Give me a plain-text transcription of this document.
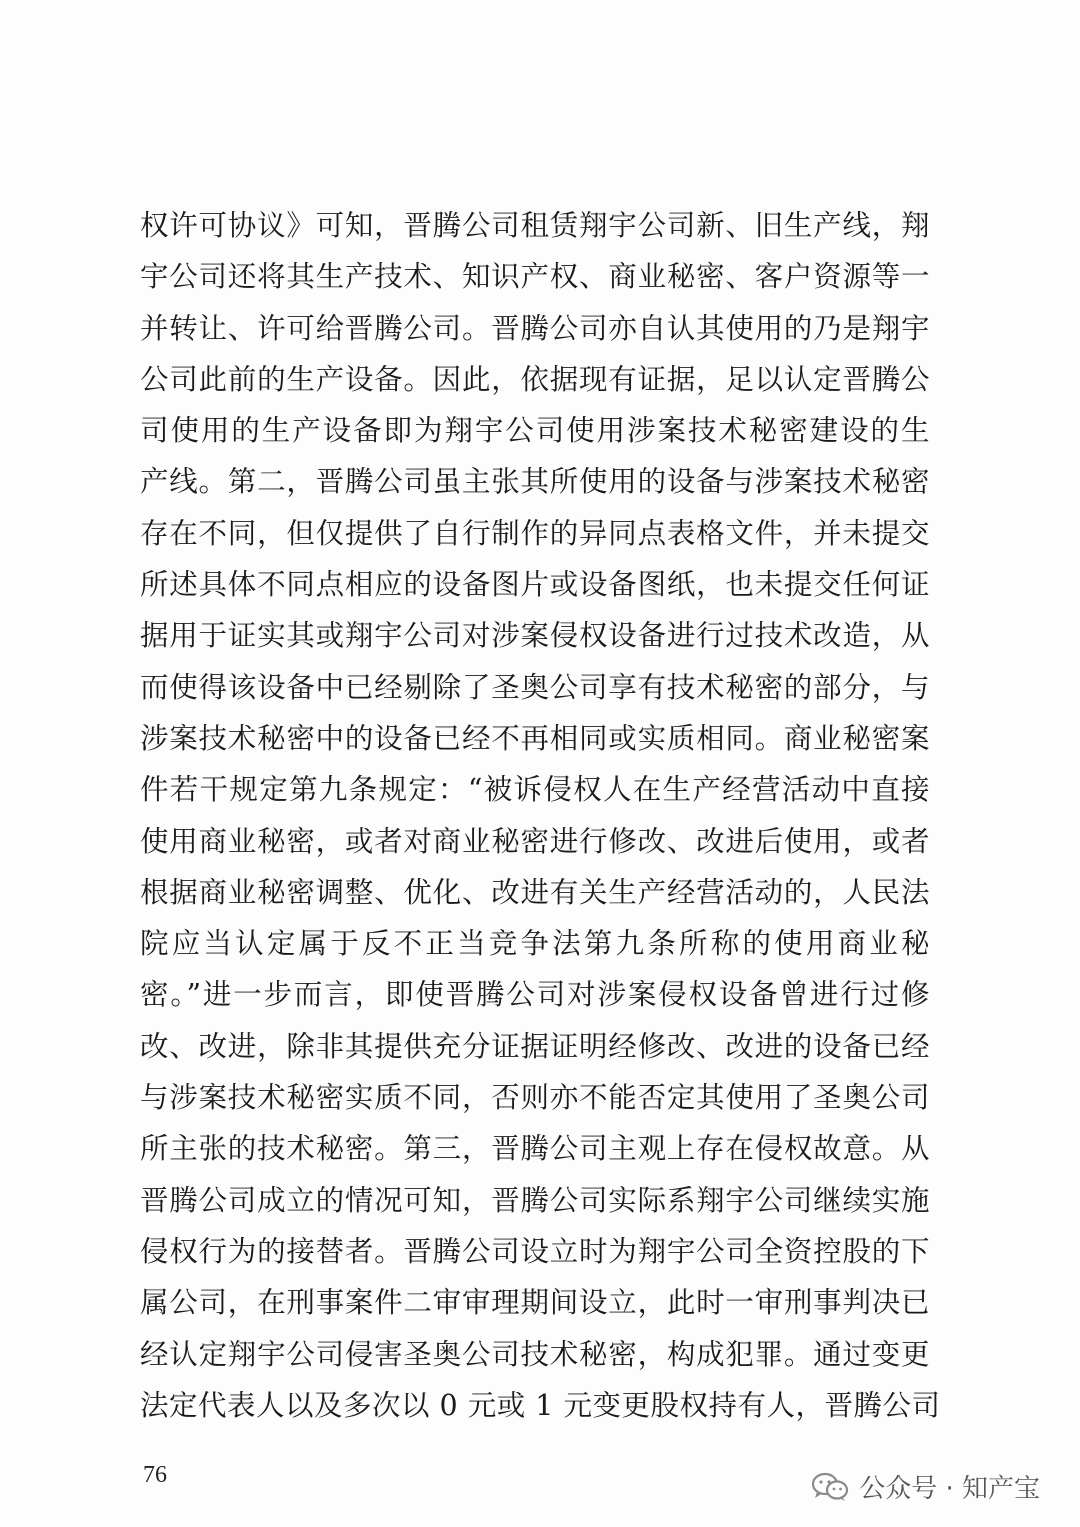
权许可协议》可知，晋腾公司租赁翔宇公司新、旧生产线，翔
宇公司还将其生产技术、知识产权、商业秘密、客户资源等一
并转让、许可给晋腾公司。晋腾公司亦自认其使用的乃是翔宇
公司此前的生产设备。因此，依据现有证据，足以认定晋腾公
司使用的生产设备即为翔宇公司使用涉案技术秘密建设的生
产线。第二，晋腾公司虽主张其所使用的设备与涉案技术秘密
存在不同，但仅提供了自行制作的异同点表格文件，并未提交
所述具体不同点相应的设备图片或设备图纸，也未提交任何证
据用于证实其或翔宇公司对涉案侵权设备进行过技术改造，从
而使得该设备中已经剔除了圣奥公司享有技术秘密的部分，与
涉案技术秘密中的设备已经不再相同或实质相同。商业秘密案
件若干规定第九条规定：“被诉侵权人在生产经营活动中直接
使用商业秘密，或者对商业秘密进行修改、改进后使用，或者
根据商业秘密调整、优化、改进有关生产经营活动的，人民法
院应当认定属于反不正当竞争法第九条所称的使用商业秘
密。”进一步而言，即使晋腾公司对涉案侵权设备曾进行过修
改、改进，除非其提供充分证据证明经修改、改进的设备已经
与涉案技术秘密实质不同，否则亦不能否定其使用了圣奥公司
所主张的技术秘密。第三，晋腾公司主观上存在侵权故意。从
晋腾公司成立的情况可知，晋腾公司实际系翔宇公司继续实施
侵权行为的接替者。晋腾公司设立时为翔宇公司全资控股的下
属公司，在刑事案件二审审理期间设立，此时一审刑事判决已
经认定翔宇公司侵害圣奥公司技术秘密，构成犯罪。通过变更
法定代表人以及多次以 0 元或 1 元变更股权持有人，晋腾公司
76	公众号 · 知产宝
